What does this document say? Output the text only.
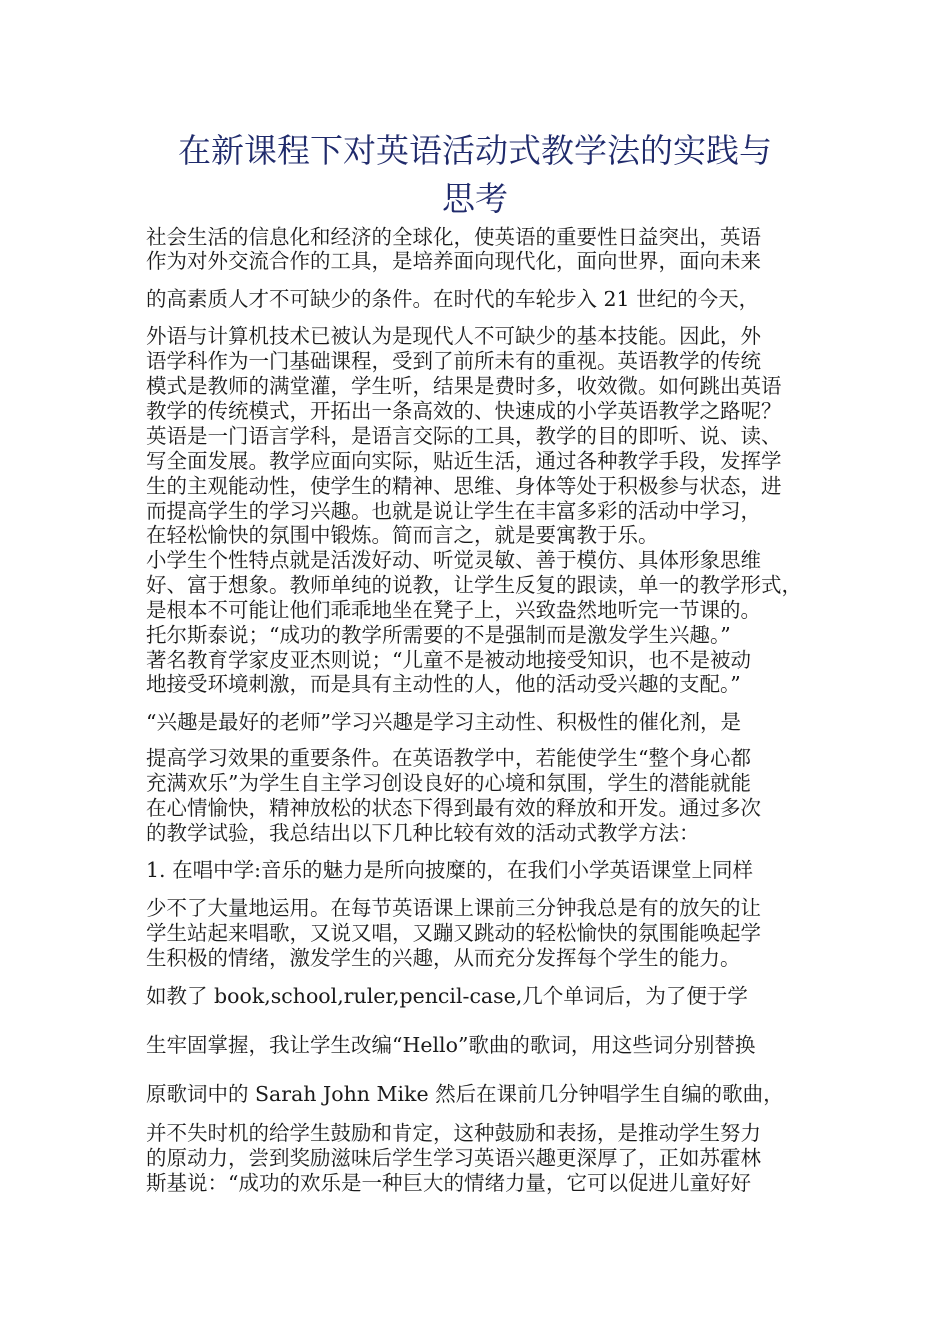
在新课程下对英语活动式教学法的实践与
思考

社会生活的信息化和经济的全球化，使英语的重要性日益突出，英语

作为对外交流合作的工具，是培养面向现代化，面向世界，面向未来

的高素质人才不可缺少的条件。在时代的车轮步入 21 世纪的今天，

外语与计算机技术已被认为是现代人不可缺少的基本技能。因此，外

语学科作为一门基础课程，受到了前所未有的重视。英语教学的传统

模式是教师的满堂灌，学生听，结果是费时多，收效微。如何跳出英语

教学的传统模式，开拓出一条高效的、快速成的小学英语教学之路呢？

英语是一门语言学科，是语言交际的工具，教学的目的即听、说、读、

写全面发展。教学应面向实际，贴近生活，通过各种教学手段，发挥学

生的主观能动性，使学生的精神、思维、身体等处于积极参与状态，进

而提高学生的学习兴趣。也就是说让学生在丰富多彩的活动中学习，

在轻松愉快的氛围中锻炼。简而言之，就是要寓教于乐。

小学生个性特点就是活泼好动、听觉灵敏、善于模仿、具体形象思维

好、富于想象。教师单纯的说教，让学生反复的跟读，单一的教学形式，

是根本不可能让他们乖乖地坐在凳子上，兴致盎然地听完一节课的。

托尔斯泰说；“成功的教学所需要的不是强制而是激发学生兴趣。”

著名教育学家皮亚杰则说；“儿童不是被动地接受知识，也不是被动

地接受环境刺激，而是具有主动性的人，他的活动受兴趣的支配。”

“兴趣是最好的老师”学习兴趣是学习主动性、积极性的催化剂，是

提高学习效果的重要条件。在英语教学中，若能使学生“整个身心都

充满欢乐”为学生自主学习创设良好的心境和氛围，学生的潜能就能

在心情愉快，精神放松的状态下得到最有效的释放和开发。通过多次

的教学试验，我总结出以下几种比较有效的活动式教学方法：

1. 在唱中学:音乐的魅力是所向披糜的，在我们小学英语课堂上同样

少不了大量地运用。在每节英语课上课前三分钟我总是有的放矢的让

学生站起来唱歌，又说又唱，又蹦又跳动的轻松愉快的氛围能唤起学

生积极的情绪，激发学生的兴趣，从而充分发挥每个学生的能力。

如教了 book,school,ruler,pencil-case,几个单词后，为了便于学

生牢固掌握，我让学生改编“Hello”歌曲的歌词，用这些词分别替换

原歌词中的 Sarah John Mike 然后在课前几分钟唱学生自编的歌曲，

并不失时机的给学生鼓励和肯定，这种鼓励和表扬，是推动学生努力

的原动力，尝到奖励滋味后学生学习英语兴趣更深厚了，正如苏霍林

斯基说：“成功的欢乐是一种巨大的情绪力量，它可以促进儿童好好
